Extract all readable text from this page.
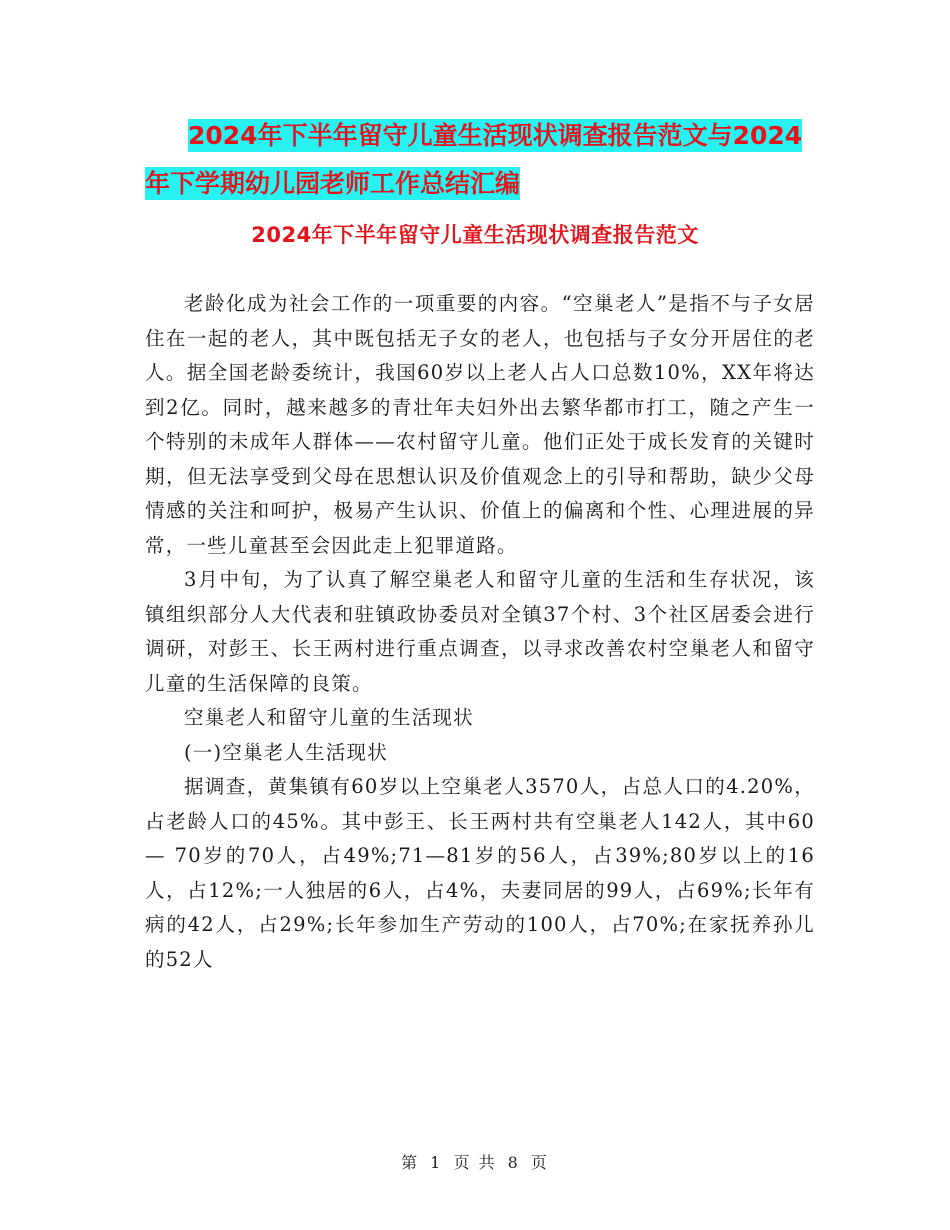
2024年下半年留守儿童生活现状调查报告范文与2024
年下学期幼儿园老师工作总结汇编
2024年下半年留守儿童生活现状调查报告范文

老龄化成为社会工作的一项重要的内容。“空巢老人”是指不与子女居住在一起的老人，其中既包括无子女的老人，也包括与子女分开居住的老人。据全国老龄委统计，我国60岁以上老人占人口总数10%，XX年将达到2亿。同时，越来越多的青壮年夫妇外出去繁华都市打工，随之产生一个特别的未成年人群体——农村留守儿童。他们正处于成长发育的关键时期，但无法享受到父母在思想认识及价值观念上的引导和帮助，缺少父母情感的关注和呵护，极易产生认识、价值上的偏离和个性、心理进展的异常，一些儿童甚至会因此走上犯罪道路。

3月中旬，为了认真了解空巢老人和留守儿童的生活和生存状况，该镇组织部分人大代表和驻镇政协委员对全镇37个村、3个社区居委会进行调研，对彭王、长王两村进行重点调查，以寻求改善农村空巢老人和留守儿童的生活保障的良策。

空巢老人和留守儿童的生活现状

(一)空巢老人生活现状

据调查，黄集镇有60岁以上空巢老人3570人，占总人口的4.20%，占老龄人口的45%。其中彭王、长王两村共有空巢老人142人，其中60— 70岁的70人，占49%;71—81岁的56人，占39%;80岁以上的16人，占12%;一人独居的6人，占4%，夫妻同居的99人，占69%;长年有病的42人，占29%;长年参加生产劳动的100人，占70%;在家抚养孙儿的52人

第 1 页 共 8 页
